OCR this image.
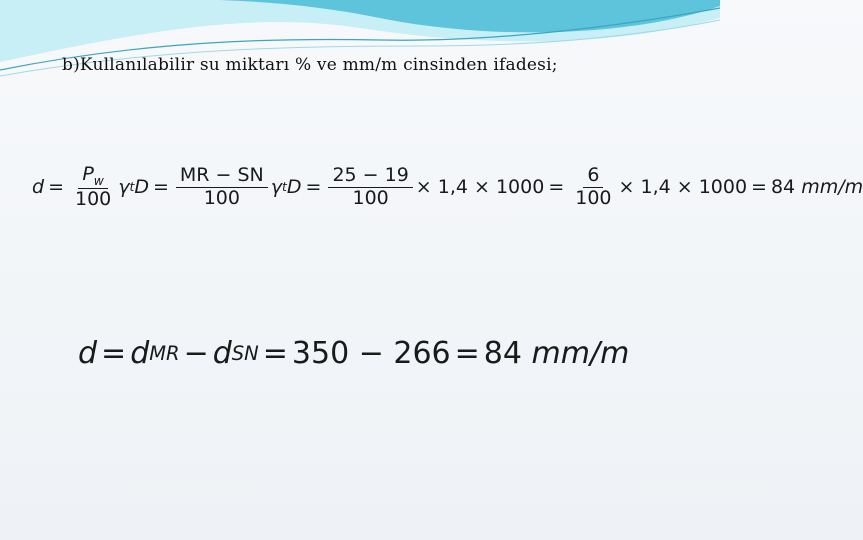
b)Kullanılabilir su miktarı % ve mm/m cinsinden ifadesi;
$d = \frac{P_w}{100}$ γ t $D = \frac{MR - SN}{100}$ γ t $D = \frac{25 - 19}{100} \times 1,4 \times 1000 = \frac{6}{100} \times 1,4 \times 1000 = 84$
mm/m
d = d MR − d SN = 350 − 266 = 84
mm/m
